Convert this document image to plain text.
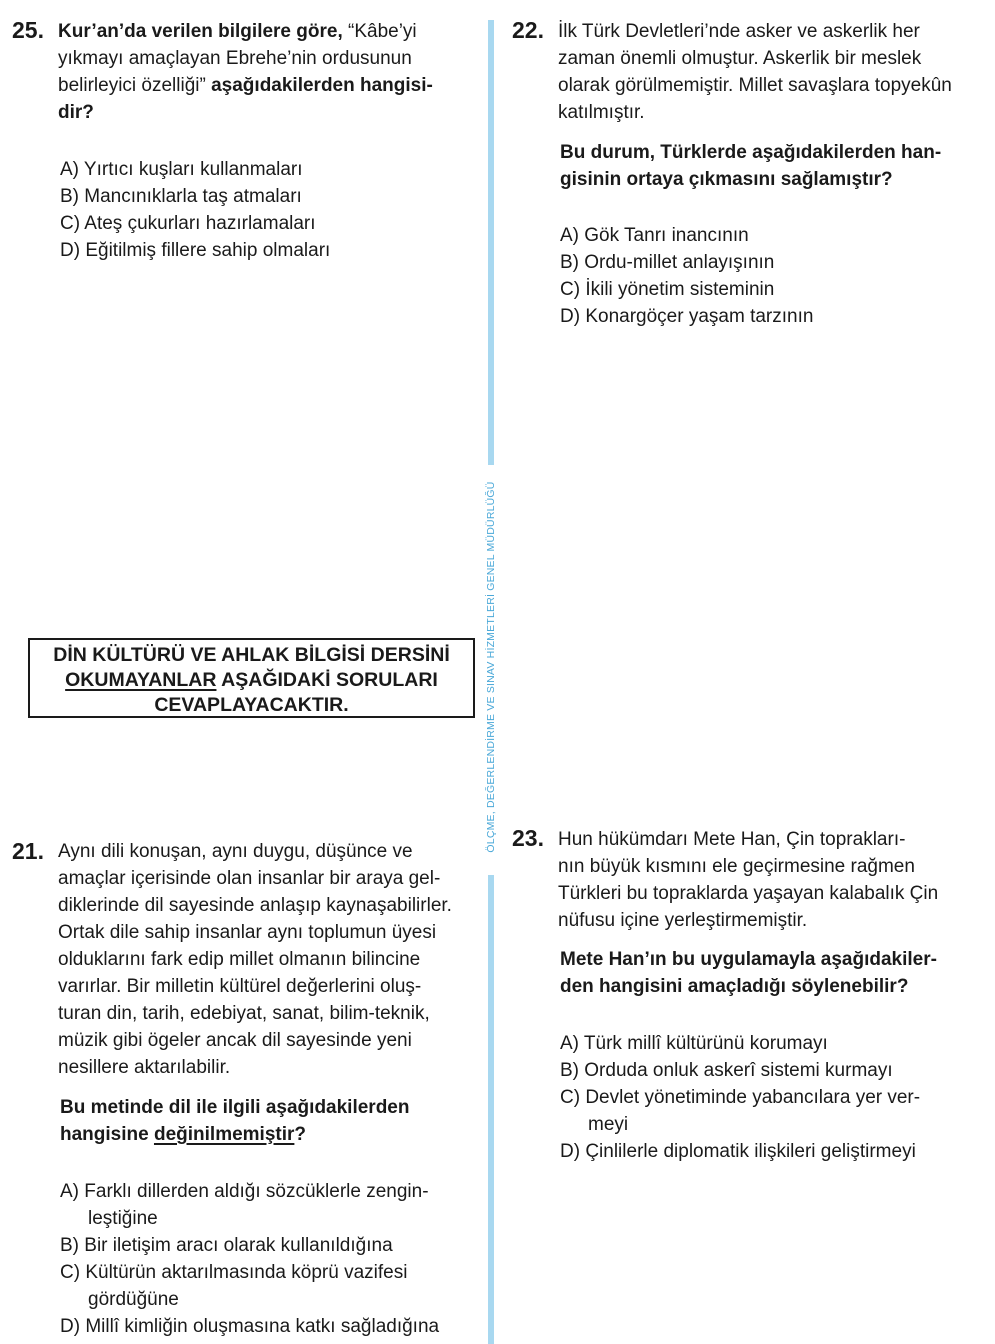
ÖLÇME, DEĞERLENDİRME VE SINAV HİZMETLERİ GENEL MÜDÜRLÜĞÜ
25. Kur’an’da verilen bilgilere göre, “Kâbe’yi
yıkmayı amaçlayan Ebrehe’nin ordusunun
belirleyici özelliği” aşağıdakilerden hangisi-
dir?
A) Yırtıcı kuşları kullanmaları
B) Mancınıklarla taş atmaları
C) Ateş çukurları hazırlamaları
D) Eğitilmiş fillere sahip olmaları
DİN KÜLTÜRÜ VE AHLAK BİLGİSİ DERSİNİ
OKUMAYANLAR AŞAĞIDAKİ SORULARI
CEVAPLAYACAKTIR.
21. Aynı dili konuşan, aynı duygu, düşünce ve
amaçlar içerisinde olan insanlar bir araya gel-
diklerinde dil sayesinde anlaşıp kaynaşabilirler.
Ortak dile sahip insanlar aynı toplumun üyesi
olduklarını fark edip millet olmanın bilincine
varırlar. Bir milletin kültürel değerlerini oluş-
turan din, tarih, edebiyat, sanat, bilim-teknik,
müzik gibi ögeler ancak dil sayesinde yeni
nesillere aktarılabilir.
Bu metinde dil ile ilgili aşağıdakilerden
hangisine değinilmemiştir?
A) Farklı dillerden aldığı sözcüklerle zengin-
leştiğine
B) Bir iletişim aracı olarak kullanıldığına
C) Kültürün aktarılmasında köprü vazifesi
gördüğüne
D) Millî kimliğin oluşmasına katkı sağladığına
22. İlk Türk Devletleri’nde asker ve askerlik her
zaman önemli olmuştur. Askerlik bir meslek
olarak görülmemiştir. Millet savaşlara topyekûn
katılmıştır.
Bu durum, Türklerde aşağıdakilerden han-
gisinin ortaya çıkmasını sağlamıştır?
A) Gök Tanrı inancının
B) Ordu-millet anlayışının
C) İkili yönetim sisteminin
D) Konargöçer yaşam tarzının
23. Hun hükümdarı Mete Han, Çin toprakları-
nın büyük kısmını ele geçirmesine rağmen
Türkleri bu topraklarda yaşayan kalabalık Çin
nüfusu içine yerleştirmemiştir.
Mete Han’ın bu uygulamayla aşağıdakiler-
den hangisini amaçladığı söylenebilir?
A) Türk millî kültürünü korumayı
B) Orduda onluk askerî sistemi kurmayı
C) Devlet yönetiminde yabancılara yer ver-
meyi
D) Çinlilerle diplomatik ilişkileri geliştirmeyi
